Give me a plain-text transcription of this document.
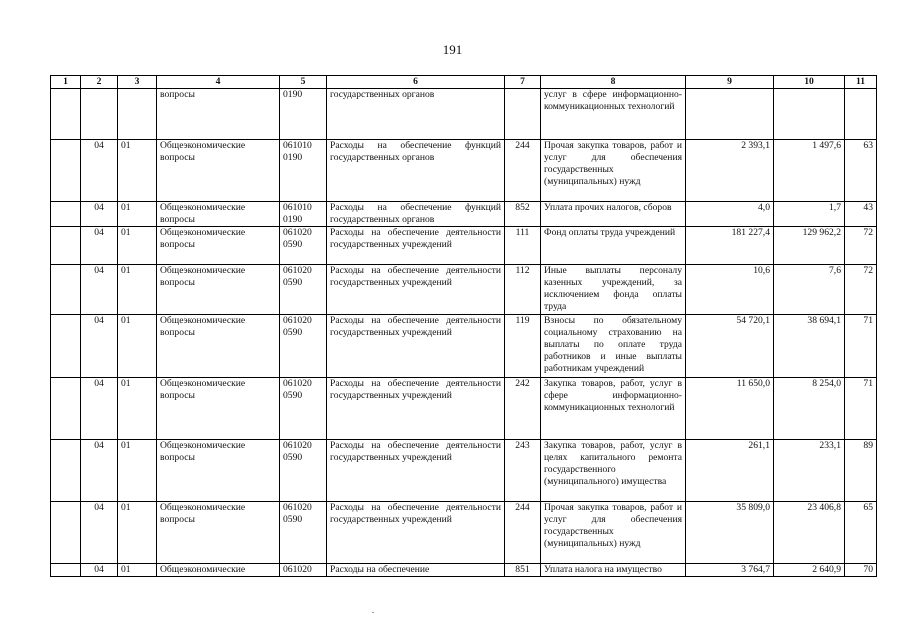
191
1	2	3	4	5	6	7	8	9	10	11
			вопросы	0190	государственных органов		услуг в сфере информационно-коммуникационных технологий			
	04	01	Общеэкономические вопросы	061010 0190	Расходы на обеспечение функций государственных органов	244	Прочая закупка товаров, работ и услуг для обеспечения государственных (муниципальных) нужд	2 393,1	1 497,6	63
	04	01	Общеэкономические вопросы	061010 0190	Расходы на обеспечение функций государственных органов	852	Уплата прочих налогов, сборов	4,0	1,7	43
	04	01	Общеэкономические вопросы	061020 0590	Расходы на обеспечение деятельности государственных учреждений	111	Фонд оплаты труда учреждений	181 227,4	129 962,2	72
	04	01	Общеэкономические вопросы	061020 0590	Расходы на обеспечение деятельности государственных учреждений	112	Иные выплаты персоналу казенных учреждений, за исключением фонда оплаты труда	10,6	7,6	72
	04	01	Общеэкономические вопросы	061020 0590	Расходы на обеспечение деятельности государственных учреждений	119	Взносы по обязательному социальному страхованию на выплаты по оплате труда работников и иные выплаты работникам учреждений	54 720,1	38 694,1	71
	04	01	Общеэкономические вопросы	061020 0590	Расходы на обеспечение деятельности государственных учреждений	242	Закупка товаров, работ, услуг в сфере информационно-коммуникационных технологий	11 650,0	8 254,0	71
	04	01	Общеэкономические вопросы	061020 0590	Расходы на обеспечение деятельности государственных учреждений	243	Закупка товаров, работ, услуг в целях капитального ремонта государственного (муниципального) имущества	261,1	233,1	89
	04	01	Общеэкономические вопросы	061020 0590	Расходы на обеспечение деятельности государственных учреждений	244	Прочая закупка товаров, работ и услуг для обеспечения государственных (муниципальных) нужд	35 809,0	23 406,8	65
	04	01	Общеэкономические	061020	Расходы на обеспечение	851	Уплата налога на имущество	3 764,7	2 640,9	70
